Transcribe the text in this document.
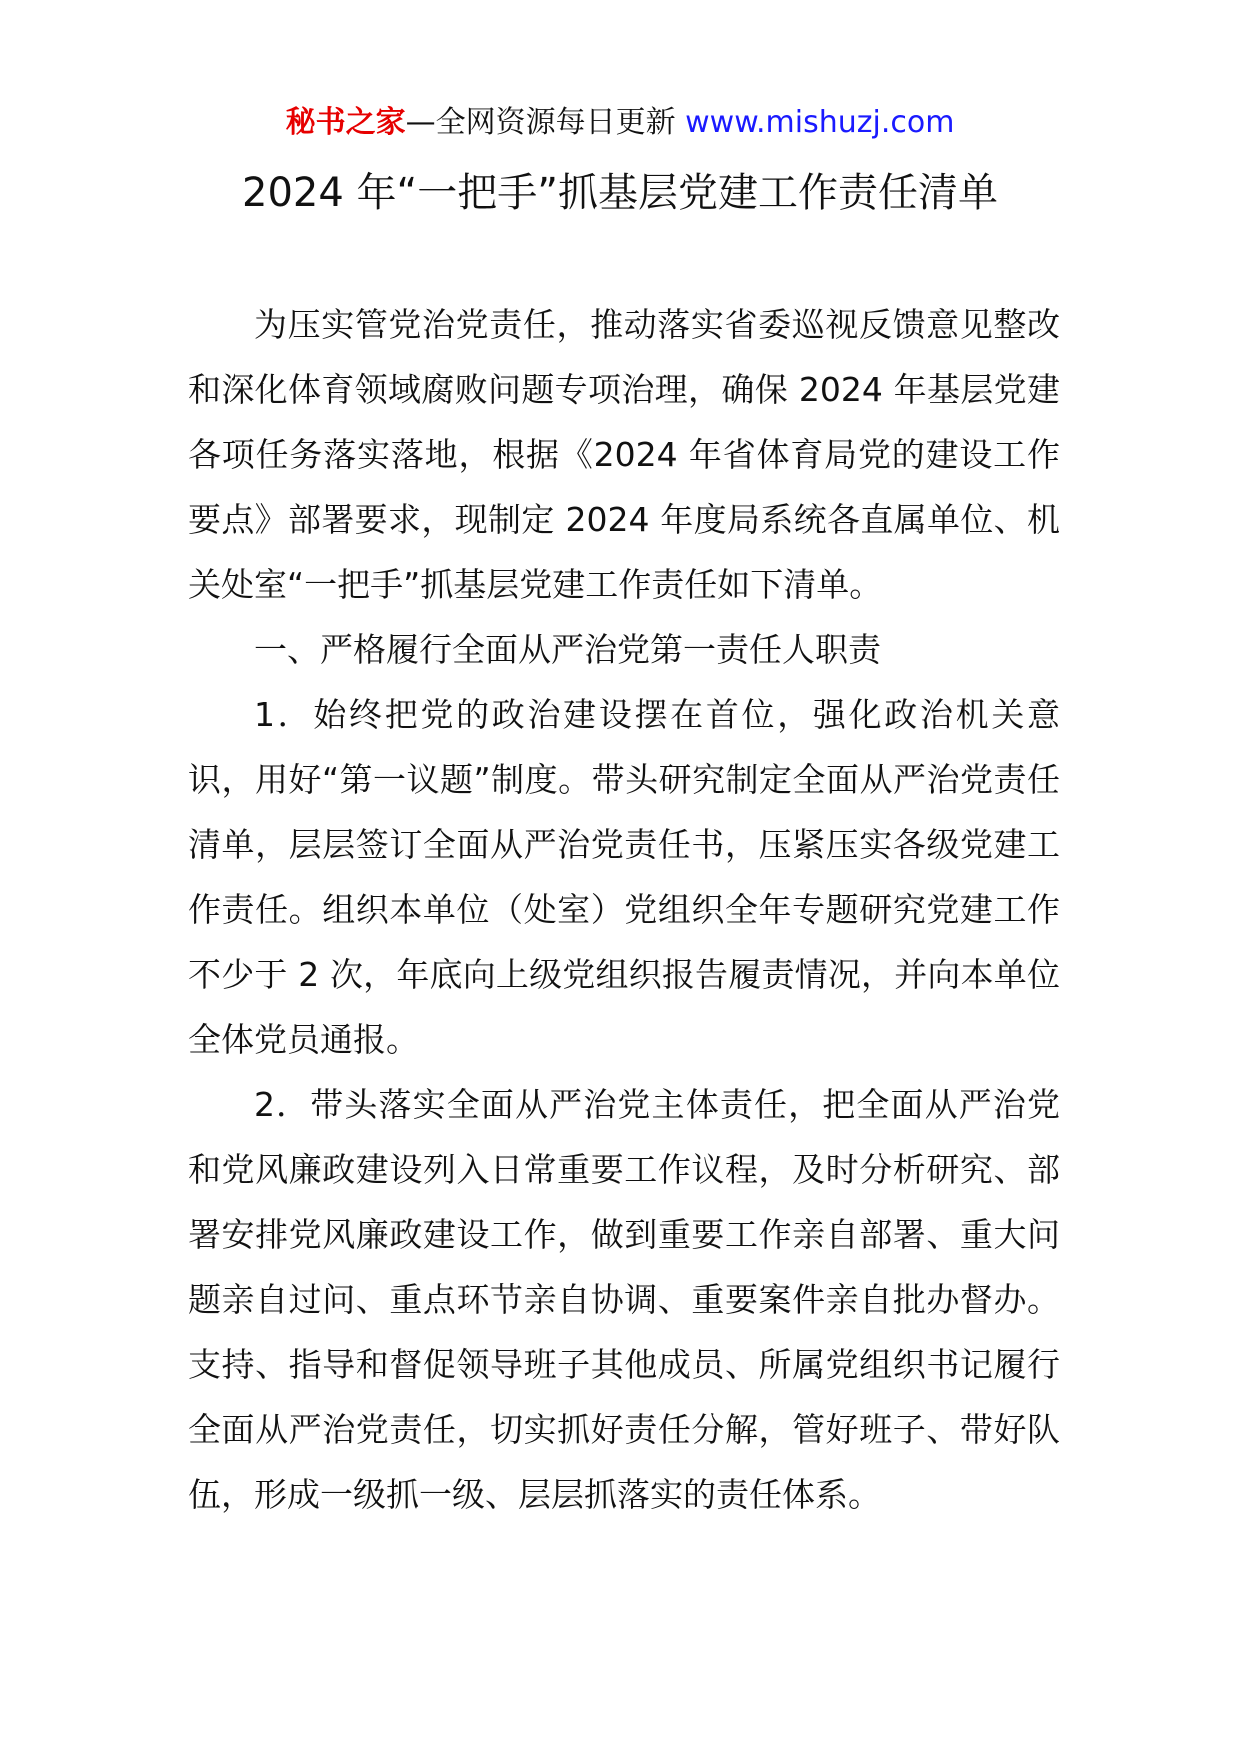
秘书之家—全网资源每日更新 www.mishuzj.com
2024 年“一把手”抓基层党建工作责任清单

为压实管党治党责任，推动落实省委巡视反馈意见整改和深化体育领域腐败问题专项治理，确保 2024 年基层党建各项任务落实落地，根据《2024 年省体育局党的建设工作要点》部署要求，现制定 2024 年度局系统各直属单位、机关处室“一把手”抓基层党建工作责任如下清单。

一、严格履行全面从严治党第一责任人职责

1．始终把党的政治建设摆在首位，强化政治机关意识，用好“第一议题”制度。带头研究制定全面从严治党责任清单，层层签订全面从严治党责任书，压紧压实各级党建工作责任。组织本单位（处室）党组织全年专题研究党建工作不少于 2 次，年底向上级党组织报告履责情况，并向本单位全体党员通报。

2．带头落实全面从严治党主体责任，把全面从严治党和党风廉政建设列入日常重要工作议程，及时分析研究、部署安排党风廉政建设工作，做到重要工作亲自部署、重大问题亲自过问、重点环节亲自协调、重要案件亲自批办督办。支持、指导和督促领导班子其他成员、所属党组织书记履行全面从严治党责任，切实抓好责任分解，管好班子、带好队伍，形成一级抓一级、层层抓落实的责任体系。
